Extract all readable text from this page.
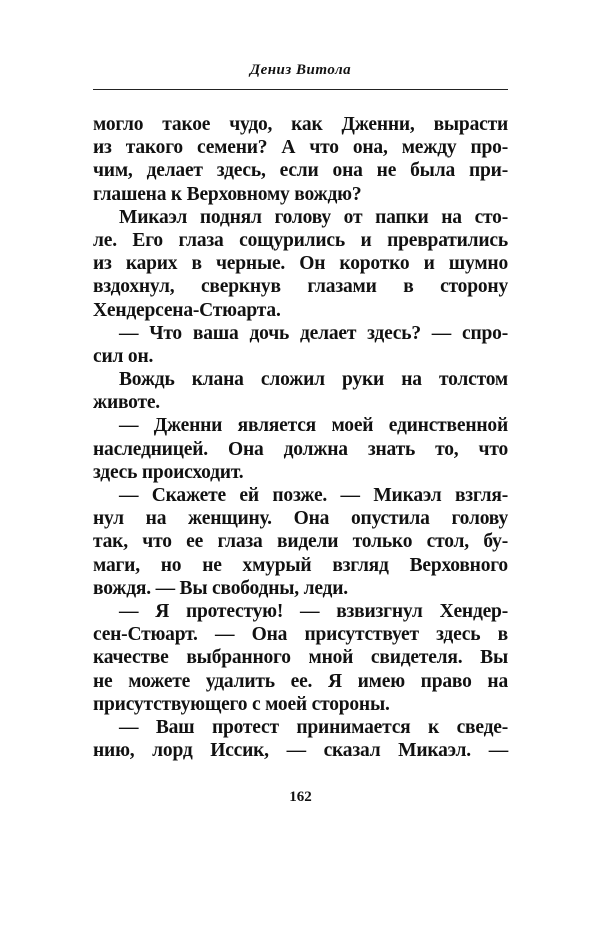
Дениз Витола
могло такое чудо, как Дженни, вырасти
из такого семени? А что она, между про-
чим, делает здесь, если она не была при-
глашена к Верховному вождю?
Микаэл поднял голову от папки на сто-
ле. Его глаза сощурились и превратились
из карих в черные. Он коротко и шумно
вздохнул, сверкнув глазами в сторону
Хендерсена-Стюарта.
— Что ваша дочь делает здесь? — спро-
сил он.
Вождь клана сложил руки на толстом
животе.
— Дженни является моей единственной
наследницей. Она должна знать то, что
здесь происходит.
— Скажете ей позже. — Микаэл взгля-
нул на женщину. Она опустила голову
так, что ее глаза видели только стол, бу-
маги, но не хмурый взгляд Верховного
вождя. — Вы свободны, леди.
— Я протестую! — взвизгнул Хендер-
сен-Стюарт. — Она присутствует здесь в
качестве выбранного мной свидетеля. Вы
не можете удалить ее. Я имею право на
присутствующего с моей стороны.
— Ваш протест принимается к сведе-
нию, лорд Иссик, — сказал Микаэл. —
162
